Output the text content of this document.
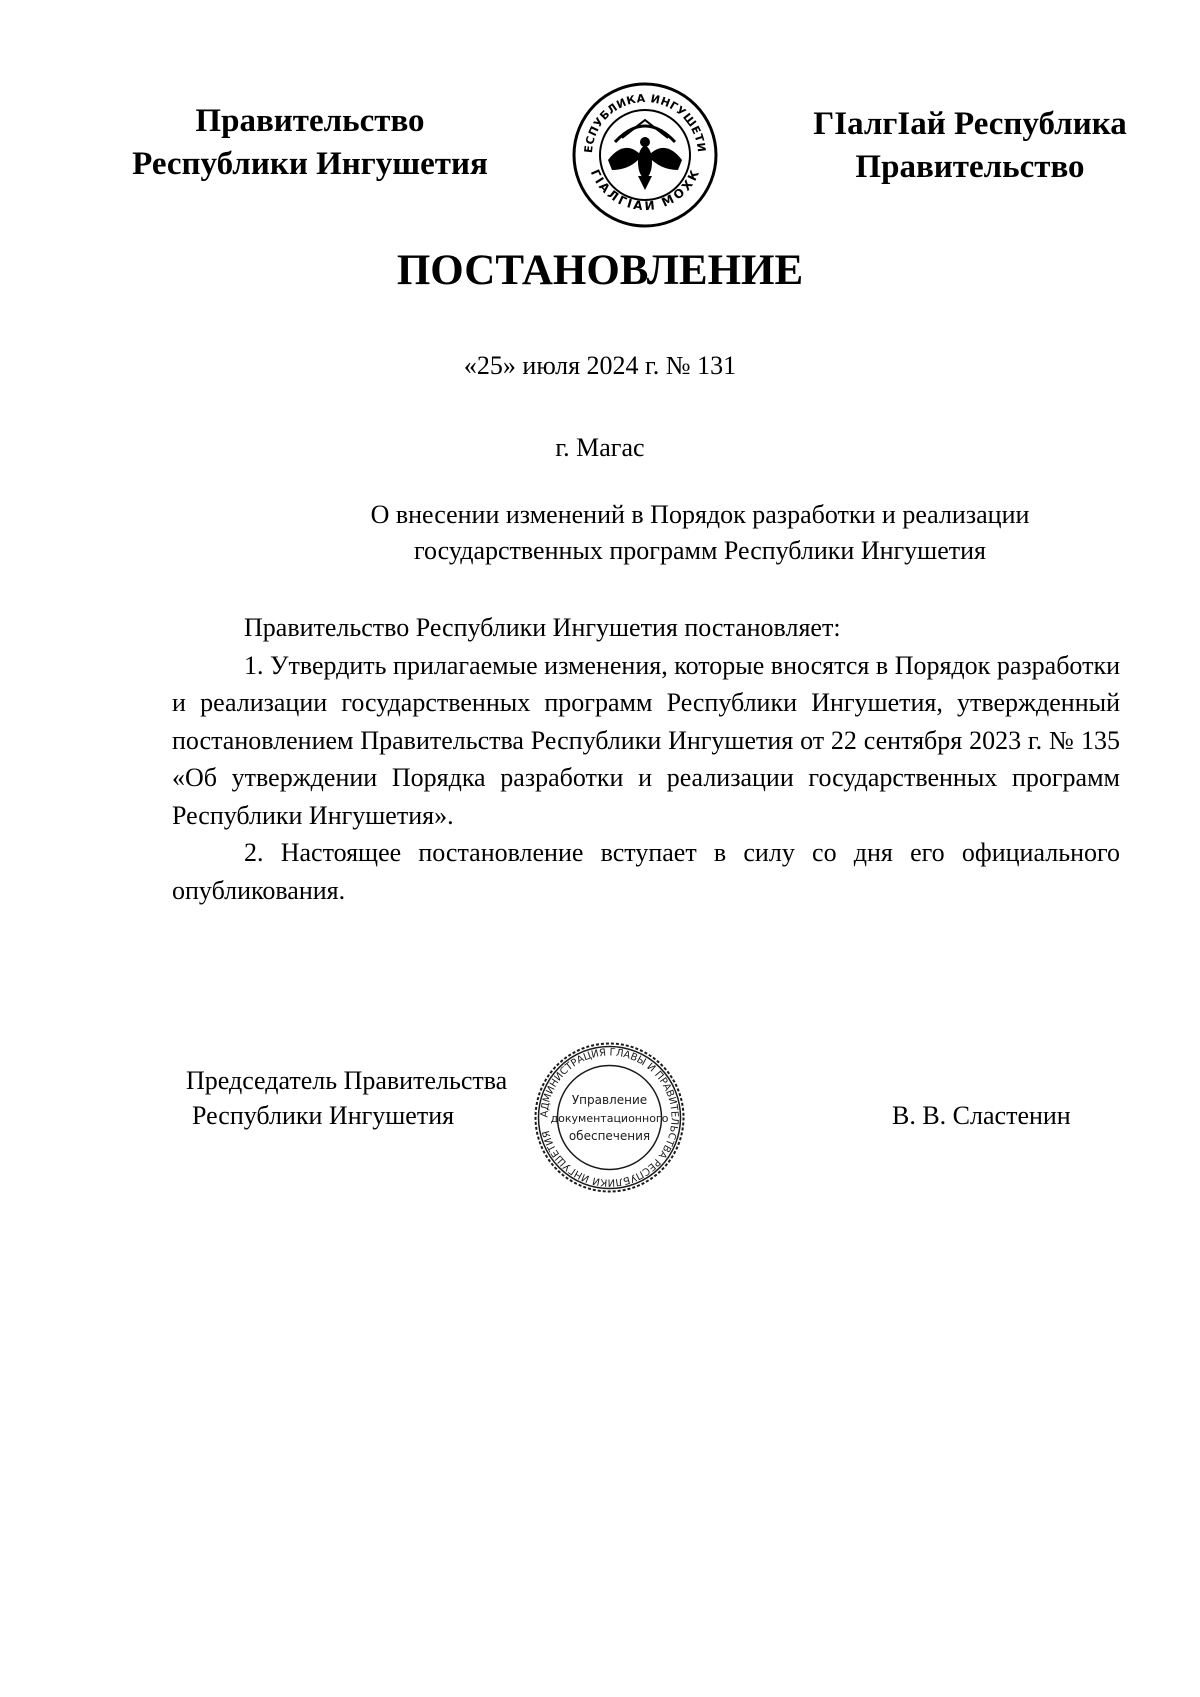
Правительство
Республики Ингушетия	ЕСПУБЛИКА ИНГУШЕТИ
ГIАЛГIАЙ МОХК
ГIалгIай Республика
Правительство
ПОСТАНОВЛЕНИЕ
«25» июля 2024 г. № 131
г. Магас
О внесении изменений в Порядок разработки и реализации
государственных программ Республики Ингушетия

Правительство Республики Ингушетия постановляет:

1. Утвердить прилагаемые изменения, которые вносятся в Порядок разработки и реализации государственных программ Республики Ингушетия, утвержденный постановлением Правительства Республики Ингушетия от 22 сентября 2023 г. № 135 «Об утверждении Порядка разработки и реализации государственных программ Республики Ингушетия».

2. Настоящее постановление вступает в силу со дня его официального опубликования.

Председатель Правительства
Республики Ингушетия	АДМИНИСТРАЦИЯ ГЛАВЫ И ПРАВИТЕЛЬСТВА РЕСПУБЛИКИ ИНГУШЕТИЯ
Управление
документационного
обеспечения
В. В. Сластенин
